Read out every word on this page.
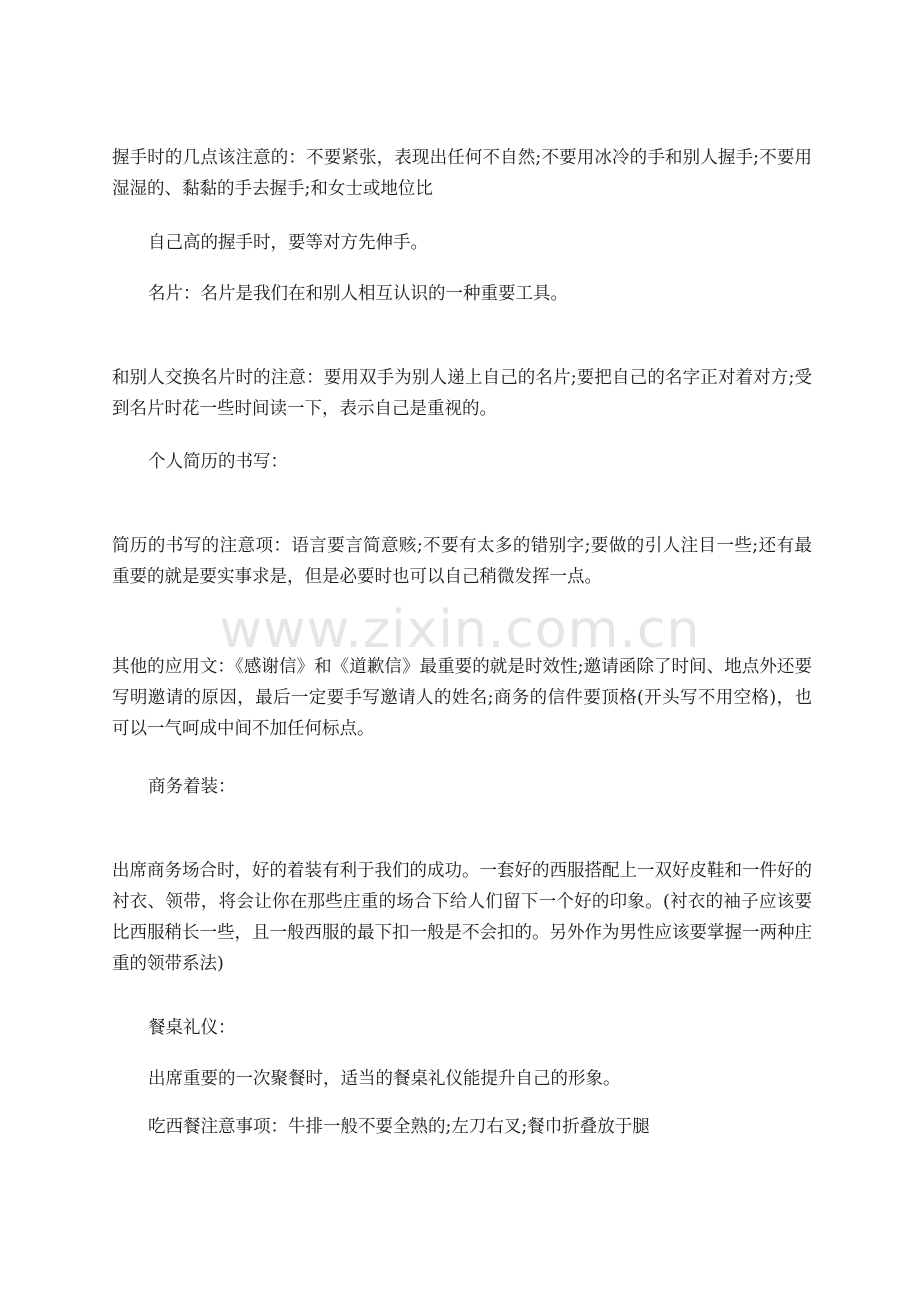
握手时的几点该注意的：不要紧张，表现出任何不自然;不要用冰冷的手和别人握手;不要用湿湿的、黏黏的手去握手;和女士或地位比

自己高的握手时，要等对方先伸手。

名片：名片是我们在和别人相互认识的一种重要工具。

和别人交换名片时的注意：要用双手为别人递上自己的名片;要把自己的名字正对着对方;受到名片时花一些时间读一下，表示自己是重视的。

个人简历的书写：

简历的书写的注意项：语言要言简意赅;不要有太多的错别字;要做的引人注目一些;还有最重要的就是要实事求是，但是必要时也可以自己稍微发挥一点。

www.zixin.com.cn

其他的应用文：《感谢信》和《道歉信》最重要的就是时效性;邀请函除了时间、地点外还要写明邀请的原因，最后一定要手写邀请人的姓名;商务的信件要顶格(开头写不用空格)，也可以一气呵成中间不加任何标点。

商务着装：

出席商务场合时，好的着装有利于我们的成功。一套好的西服搭配上一双好皮鞋和一件好的衬衣、领带，将会让你在那些庄重的场合下给人们留下一个好的印象。(衬衣的袖子应该要比西服稍长一些，且一般西服的最下扣一般是不会扣的。另外作为男性应该要掌握一两种庄重的领带系法)

餐桌礼仪：

出席重要的一次聚餐时，适当的餐桌礼仪能提升自己的形象。

吃西餐注意事项：牛排一般不要全熟的;左刀右叉;餐巾折叠放于腿
